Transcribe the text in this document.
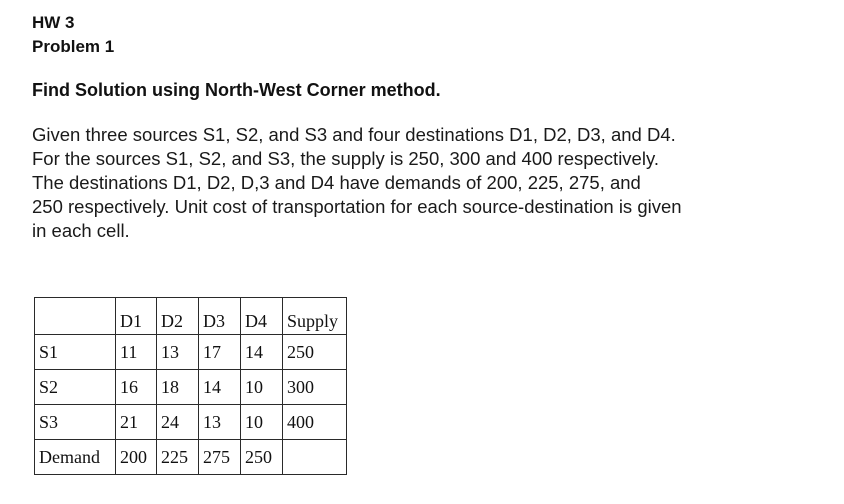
HW 3
Problem 1
Find Solution using North-West Corner method.
Given three sources S1, S2, and S3 and four destinations D1, D2, D3, and D4.
For the sources S1, S2, and S3, the supply is 250, 300 and 400 respectively.
The destinations D1, D2, D,3 and D4 have demands of 200, 225, 275, and
250 respectively. Unit cost of transportation for each source-destination is given
in each cell.
	D1	D2	D3	D4	Supply
S1	11	13	17	14	250
S2	16	18	14	10	300
S3	21	24	13	10	400
Demand	200	225	275	250	
